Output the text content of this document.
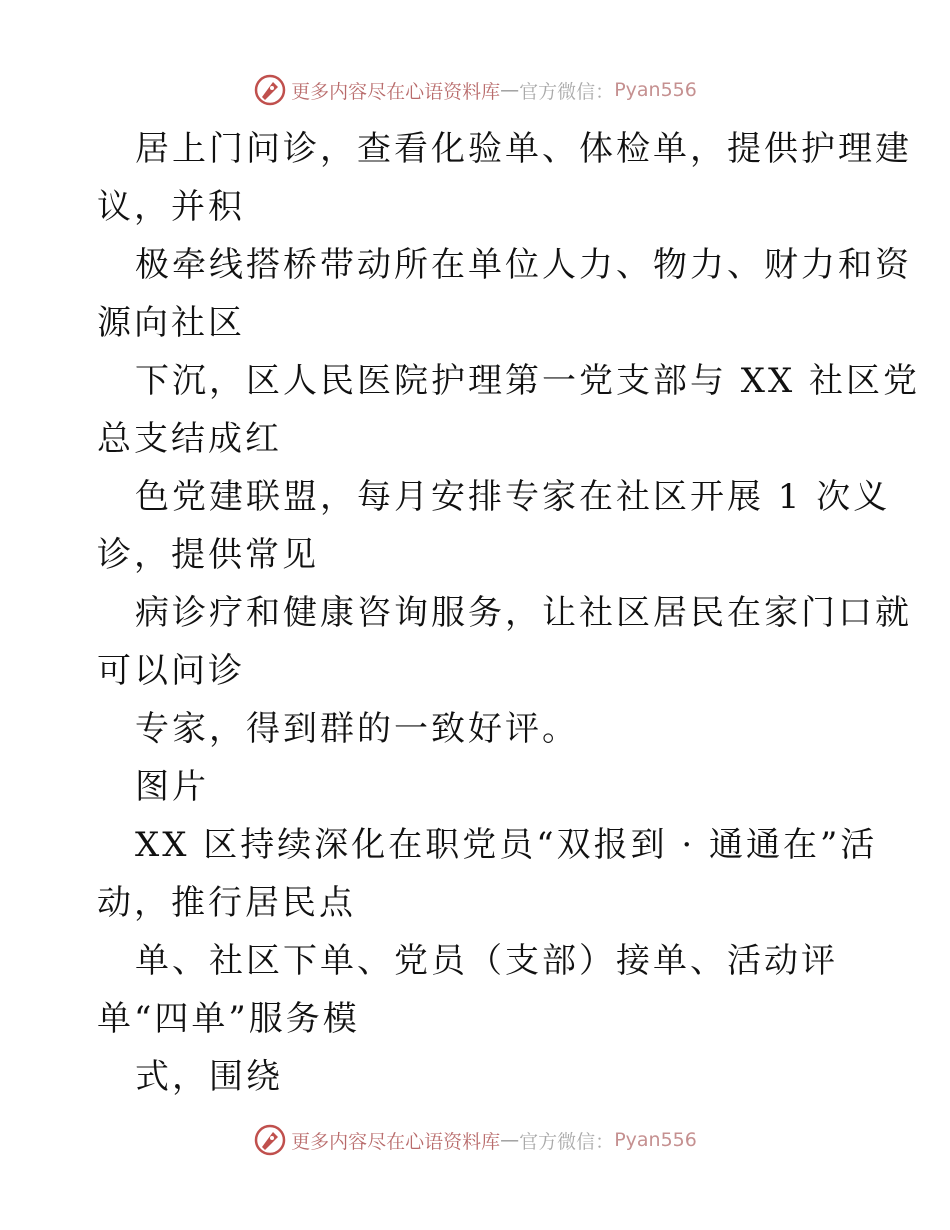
更多内容尽在心语资料库 — 官方微信： Pyan556
居上门问诊，查看化验单、体检单，提供护理建
议，并积
极牵线搭桥带动所在单位人力、物力、财力和资
源向社区
下沉，区人民医院护理第一党支部与 XX 社区党
总支结成红
色党建联盟，每月安排专家在社区开展 1 次义
诊，提供常见
病诊疗和健康咨询服务，让社区居民在家门口就
可以问诊
专家，得到群的一致好评。
图片
XX 区持续深化在职党员“双报到 · 通通在”活
动，推行居民点
单、社区下单、党员（支部）接单、活动评
单“四单”服务模
式，围绕
更多内容尽在心语资料库 — 官方微信： Pyan556
